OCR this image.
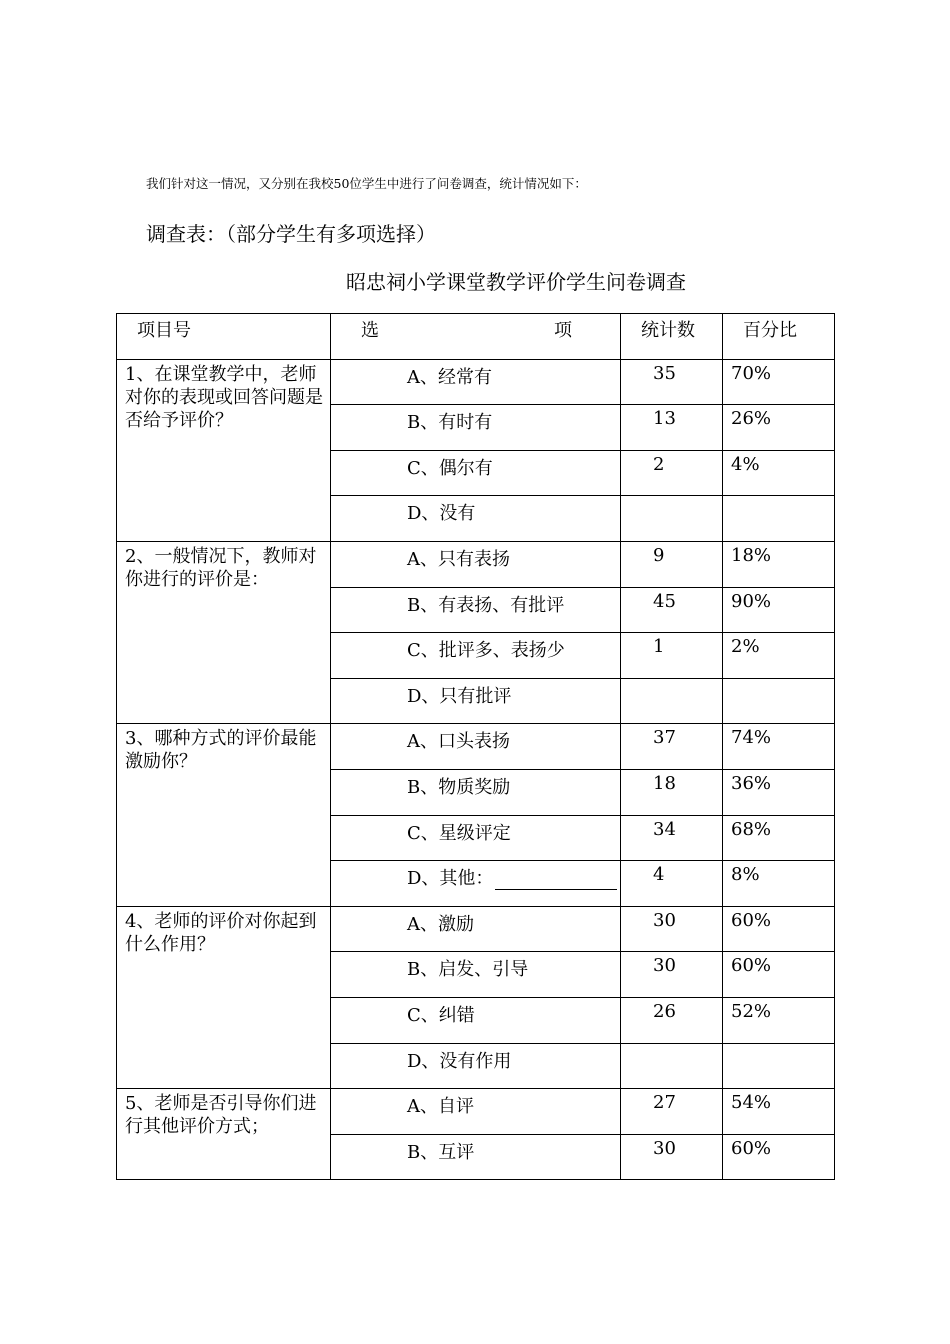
我们针对这一情况，又分别在我校50位学生中进行了问卷调查，统计情况如下：
调查表：（部分学生有多项选择）
昭忠祠小学课堂教学评价学生问卷调查
项目号	选 项	统计数	百分比
1、在课堂教学中，老师对你的表现或回答问题是否给予评价？	A、经常有	35	70%
	B、有时有	13	26%
	C、偶尔有	2	4%
	D、没有		
2、一般情况下，教师对你进行的评价是：	A、只有表扬	9	18%
	B、有表扬、有批评	45	90%
	C、批评多、表扬少	1	2%
	D、只有批评		
3、哪种方式的评价最能激励你？	A、口头表扬	37	74%
	B、物质奖励	18	36%
	C、星级评定	34	68%
	D、其他：	4	8%
4、老师的评价对你起到什么作用？	A、激励	30	60%
	B、启发、引导	30	60%
	C、纠错	26	52%
	D、没有作用		
5、老师是否引导你们进行其他评价方式；	A、自评	27	54%
	B、互评	30	60%
